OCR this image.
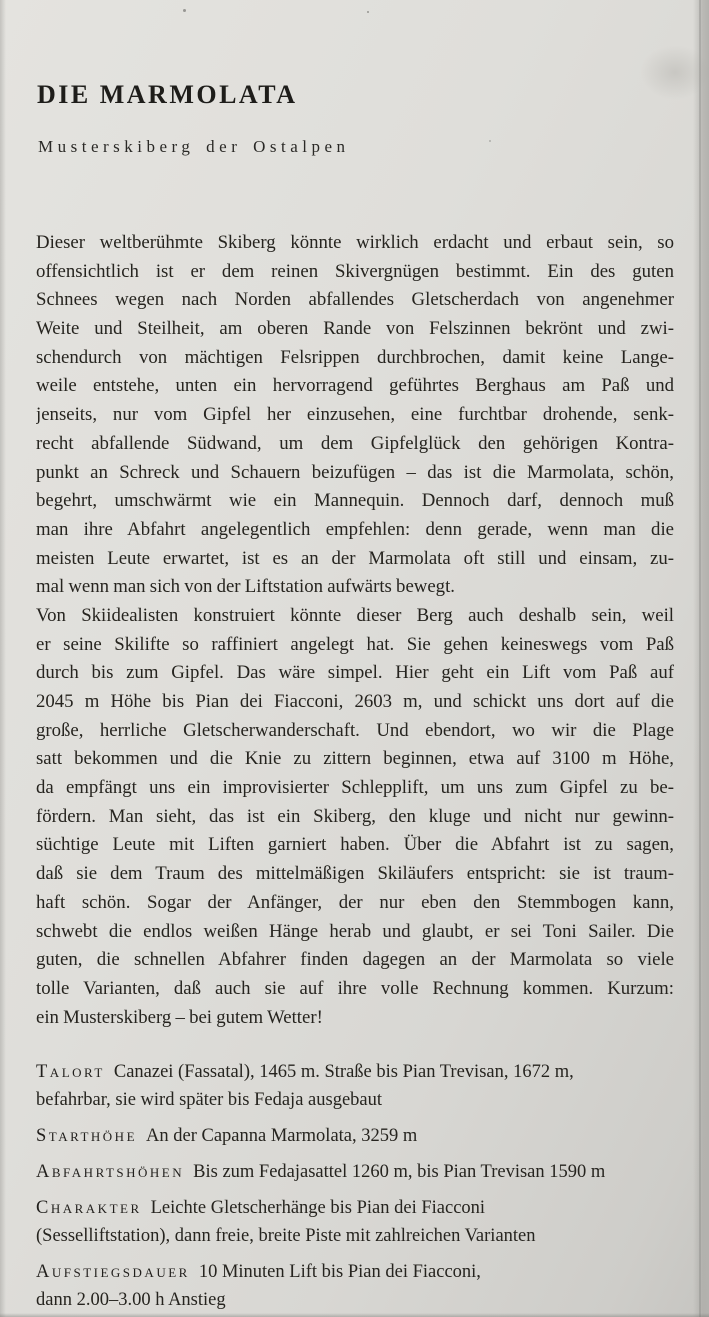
DIE MARMOLATA
Musterskiberg der Ostalpen
Dieser weltberühmte Skiberg könnte wirklich erdacht und erbaut sein, so
offensichtlich ist er dem reinen Skivergnügen bestimmt. Ein des guten
Schnees wegen nach Norden abfallendes Gletscherdach von angenehmer
Weite und Steilheit, am oberen Rande von Felszinnen bekrönt und zwi-
schendurch von mächtigen Felsrippen durchbrochen, damit keine Lange-
weile entstehe, unten ein hervorragend geführtes Berghaus am Paß und
jenseits, nur vom Gipfel her einzusehen, eine furchtbar drohende, senk-
recht abfallende Südwand, um dem Gipfelglück den gehörigen Kontra-
punkt an Schreck und Schauern beizufügen – das ist die Marmolata, schön,
begehrt, umschwärmt wie ein Mannequin. Dennoch darf, dennoch muß
man ihre Abfahrt angelegentlich empfehlen: denn gerade, wenn man die
meisten Leute erwartet, ist es an der Marmolata oft still und einsam, zu-
mal wenn man sich von der Liftstation aufwärts bewegt.
Von Skiidealisten konstruiert könnte dieser Berg auch deshalb sein, weil
er seine Skilifte so raffiniert angelegt hat. Sie gehen keineswegs vom Paß
durch bis zum Gipfel. Das wäre simpel. Hier geht ein Lift vom Paß auf
2045 m Höhe bis Pian dei Fiacconi, 2603 m, und schickt uns dort auf die
große, herrliche Gletscherwanderschaft. Und ebendort, wo wir die Plage
satt bekommen und die Knie zu zittern beginnen, etwa auf 3100 m Höhe,
da empfängt uns ein improvisierter Schlepplift, um uns zum Gipfel zu be-
fördern. Man sieht, das ist ein Skiberg, den kluge und nicht nur gewinn-
süchtige Leute mit Liften garniert haben. Über die Abfahrt ist zu sagen,
daß sie dem Traum des mittelmäßigen Skiläufers entspricht: sie ist traum-
haft schön. Sogar der Anfänger, der nur eben den Stemmbogen kann,
schwebt die endlos weißen Hänge herab und glaubt, er sei Toni Sailer. Die
guten, die schnellen Abfahrer finden dagegen an der Marmolata so viele
tolle Varianten, daß auch sie auf ihre volle Rechnung kommen. Kurzum:
ein Musterskiberg – bei gutem Wetter!
Talort Canazei (Fassatal), 1465 m. Straße bis Pian Trevisan, 1672 m,
befahrbar, sie wird später bis Fedaja ausgebaut
Starthöhe An der Capanna Marmolata, 3259 m
Abfahrtshöhen Bis zum Fedajasattel 1260 m, bis Pian Trevisan 1590 m
Charakter Leichte Gletscherhänge bis Pian dei Fiacconi
(Sesselliftstation), dann freie, breite Piste mit zahlreichen Varianten
Aufstiegsdauer 10 Minuten Lift bis Pian dei Fiacconi,
dann 2.00–3.00 h Anstieg
